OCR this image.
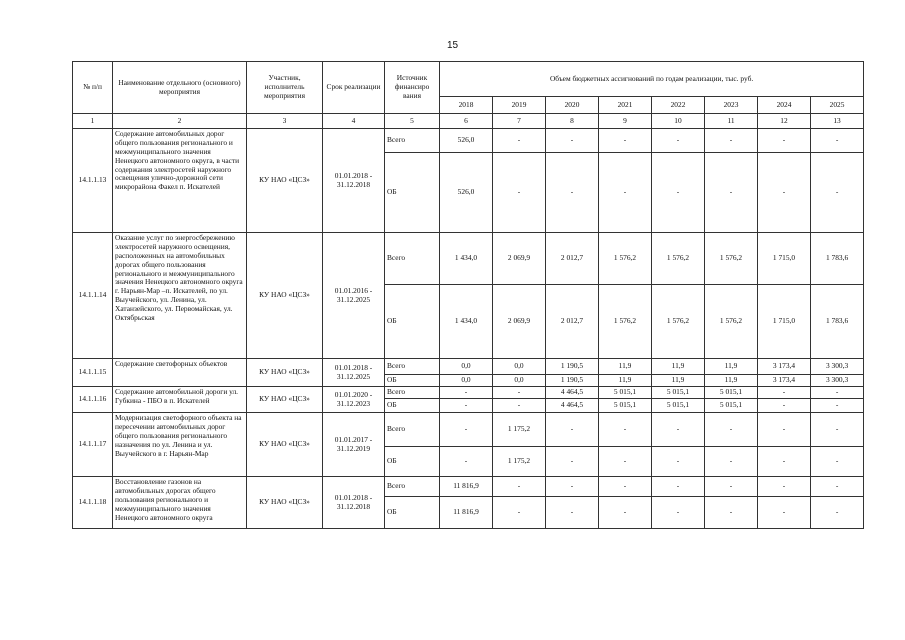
15
№ п/п	Наименование отдельного (основного) мероприятия	Участник, исполнитель мероприятия	Срок реализации	Источник финансиро вания	Объем бюджетных ассигнований по годам реализации, тыс. руб.							
					2018	2019	2020	2021	2022	2023	2024	2025
1	2	3	4	5	6	7	8	9	10	11	12	13
14.1.1.13	Содержание автомобильных дорог общего пользования регионального и межмуниципального значения Ненецкого автономного округа, в части содержания электросетей наружного освещения улично-дорожной сети микрорайона Факел п. Искателей	КУ НАО «ЦСЗ»	01.01.2018 - 31.12.2018	Всего	526,0	-	-	-	-	-	-	-
				ОБ	526,0	-	-	-	-	-	-	-
14.1.1.14	Оказание услуг по энергосбережению электросетей наружного освещения, расположенных на автомобильных дорогах общего пользования регионального и межмуниципального значения Ненецкого автономного округа г. Нарьян-Мар –п. Искателей, по ул. Выучейского, ул. Ленина, ул. Хатанзейского, ул. Первомайская, ул. Октябрьская	КУ НАО «ЦСЗ»	01.01.2016 - 31.12.2025	Всего	1 434,0	2 069,9	2 012,7	1 576,2	1 576,2	1 576,2	1 715,0	1 783,6
				ОБ	1 434,0	2 069,9	2 012,7	1 576,2	1 576,2	1 576,2	1 715,0	1 783,6
14.1.1.15	Содержание светофорных объектов	КУ НАО «ЦСЗ»	01.01.2018 - 31.12.2025	Всего	0,0	0,0	1 190,5	11,9	11,9	11,9	3 173,4	3 300,3
				ОБ	0,0	0,0	1 190,5	11,9	11,9	11,9	3 173,4	3 300,3
14.1.1.16	Содержание автомобильной дороги ул. Губкина - ПБО в п. Искателей	КУ НАО «ЦСЗ»	01.01.2020 - 31.12.2023	Всего	-	-	4 464,5	5 015,1	5 015,1	5 015,1	-	-
				ОБ	-	-	4 464,5	5 015,1	5 015,1	5 015,1	-	-
14.1.1.17	Модернизация светофорного объекта на пересечении автомобильных дорог общего пользования регионального назначения по ул. Ленина и ул. Выучейского в г. Нарьян-Мар	КУ НАО «ЦСЗ»	01.01.2017 - 31.12.2019	Всего	-	1 175,2	-	-	-	-	-	-
				ОБ	-	1 175,2	-	-	-	-	-	-
14.1.1.18	Восстановление газонов на автомобильных дорогах общего пользования регионального и межмуниципального значения Ненецкого автономного округа	КУ НАО «ЦСЗ»	01.01.2018 - 31.12.2018	Всего	11 816,9	-	-	-	-	-	-	-
				ОБ	11 816,9	-	-	-	-	-	-	-
